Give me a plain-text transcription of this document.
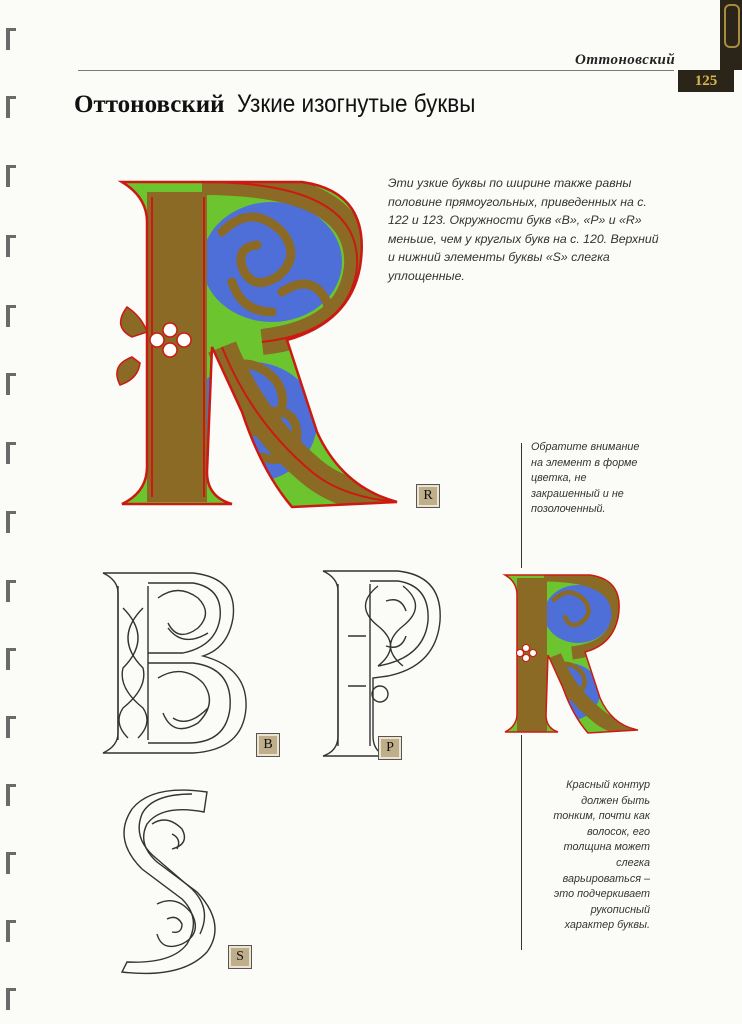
Оттоновский
125
Оттоновский Узкие изогнутые буквы
R
Эти узкие буквы по ширине также равны половине прямоугольных, приведенных на с. 122 и 123. Окружности букв «B», «P» и «R» меньше, чем у круглых букв на с. 120. Верхний и нижний элементы буквы «S» слегка уплощенные.
Обратите внимание на элемент в форме цветка, не закрашенный и не позолоченный.
Красный контур должен быть тонким, почти как волосок, его толщина может слегка варьироваться – это подчеркивает рукописный характер буквы.
B	P
S
